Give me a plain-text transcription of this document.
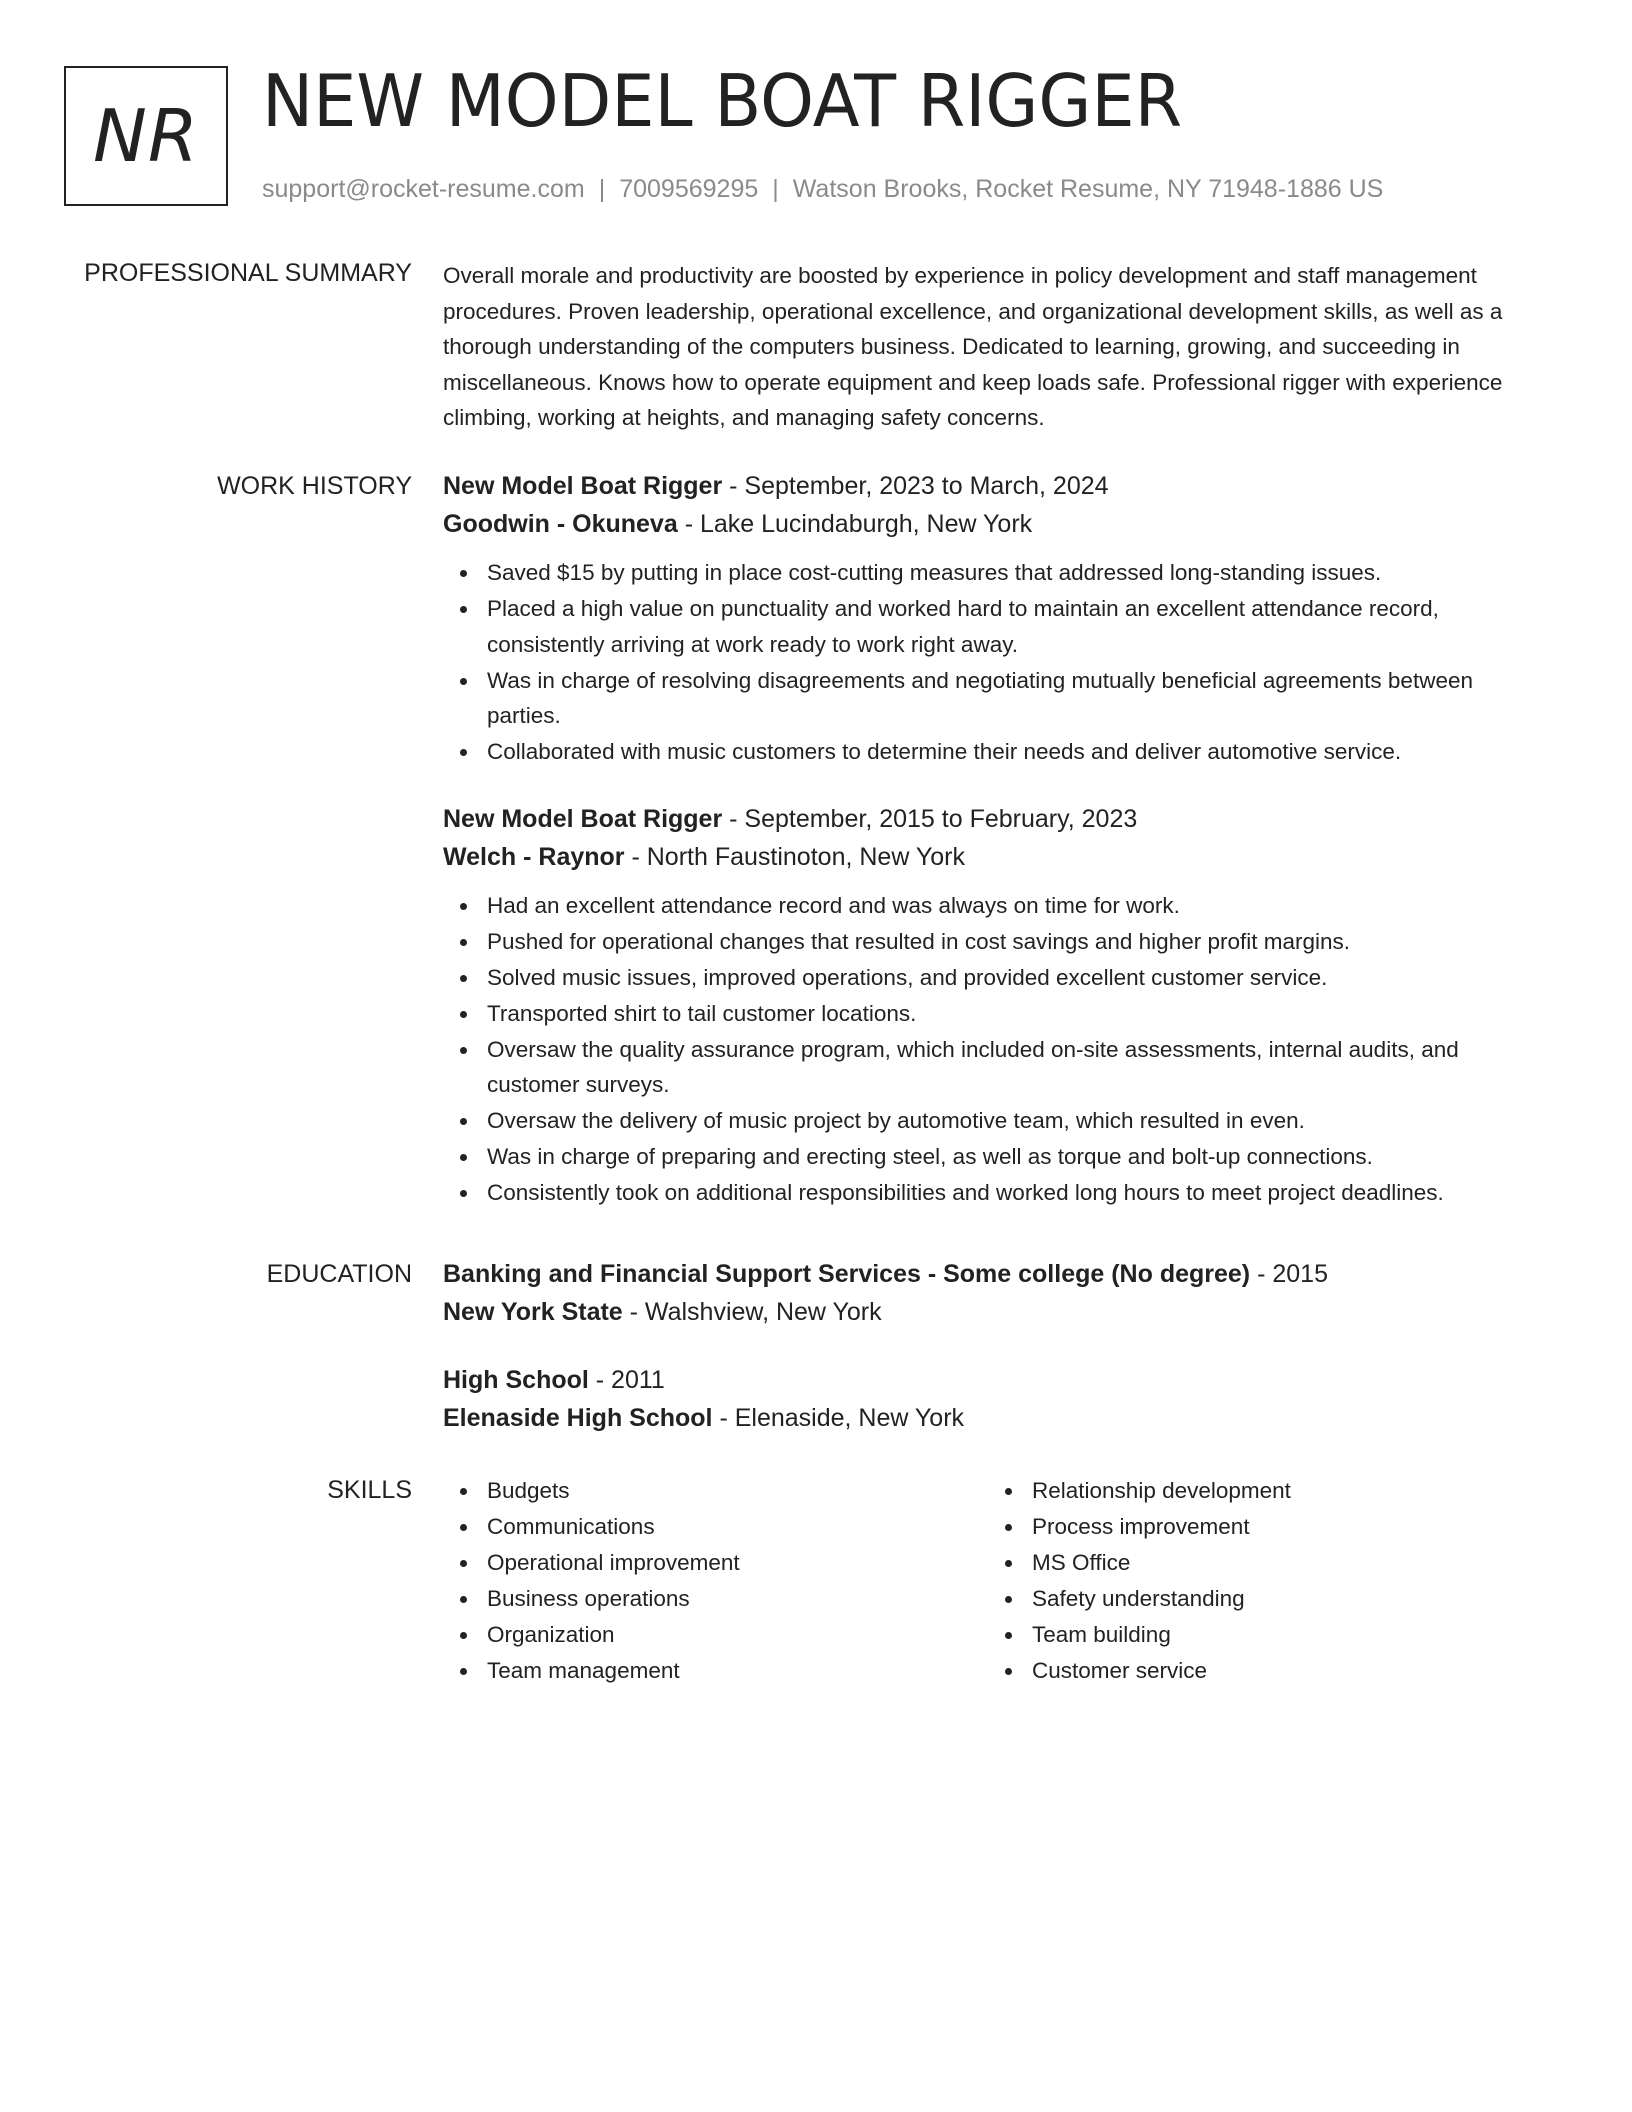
NR NEW MODEL BOAT RIGGER
support@rocket-resume.com | 7009569295 | Watson Brooks, Rocket Resume, NY 71948-1886 US
PROFESSIONAL SUMMARY Overall morale and productivity are boosted by experience in policy development and staff management procedures. Proven leadership, operational excellence, and organizational development skills, as well as a thorough understanding of the computers business. Dedicated to learning, growing, and succeeding in miscellaneous. Knows how to operate equipment and keep loads safe. Professional rigger with experience climbing, working at heights, and managing safety concerns.

WORK HISTORY New Model Boat Rigger - September, 2023 to March, 2024
Goodwin - Okuneva - Lake Lucindaburgh, New York
Saved $15 by putting in place cost-cutting measures that addressed long-standing issues.
Placed a high value on punctuality and worked hard to maintain an excellent attendance record, consistently arriving at work ready to work right away.
Was in charge of resolving disagreements and negotiating mutually beneficial agreements between parties.
Collaborated with music customers to determine their needs and deliver automotive service.
New Model Boat Rigger - September, 2015 to February, 2023
Welch - Raynor - North Faustinoton, New York
Had an excellent attendance record and was always on time for work.
Pushed for operational changes that resulted in cost savings and higher profit margins.
Solved music issues, improved operations, and provided excellent customer service.
Transported shirt to tail customer locations.
Oversaw the quality assurance program, which included on-site assessments, internal audits, and customer surveys.
Oversaw the delivery of music project by automotive team, which resulted in even.
Was in charge of preparing and erecting steel, as well as torque and bolt-up connections.
Consistently took on additional responsibilities and worked long hours to meet project deadlines.
EDUCATION Banking and Financial Support Services - Some college (No degree) - 2015
New York State - Walshview, New York
High School - 2011
Elenaside High School - Elenaside, New York
SKILLS	Budgets
Communications
Operational improvement
Business operations
Organization
Team management
Relationship development
Process improvement
MS Office
Safety understanding
Team building
Customer service
